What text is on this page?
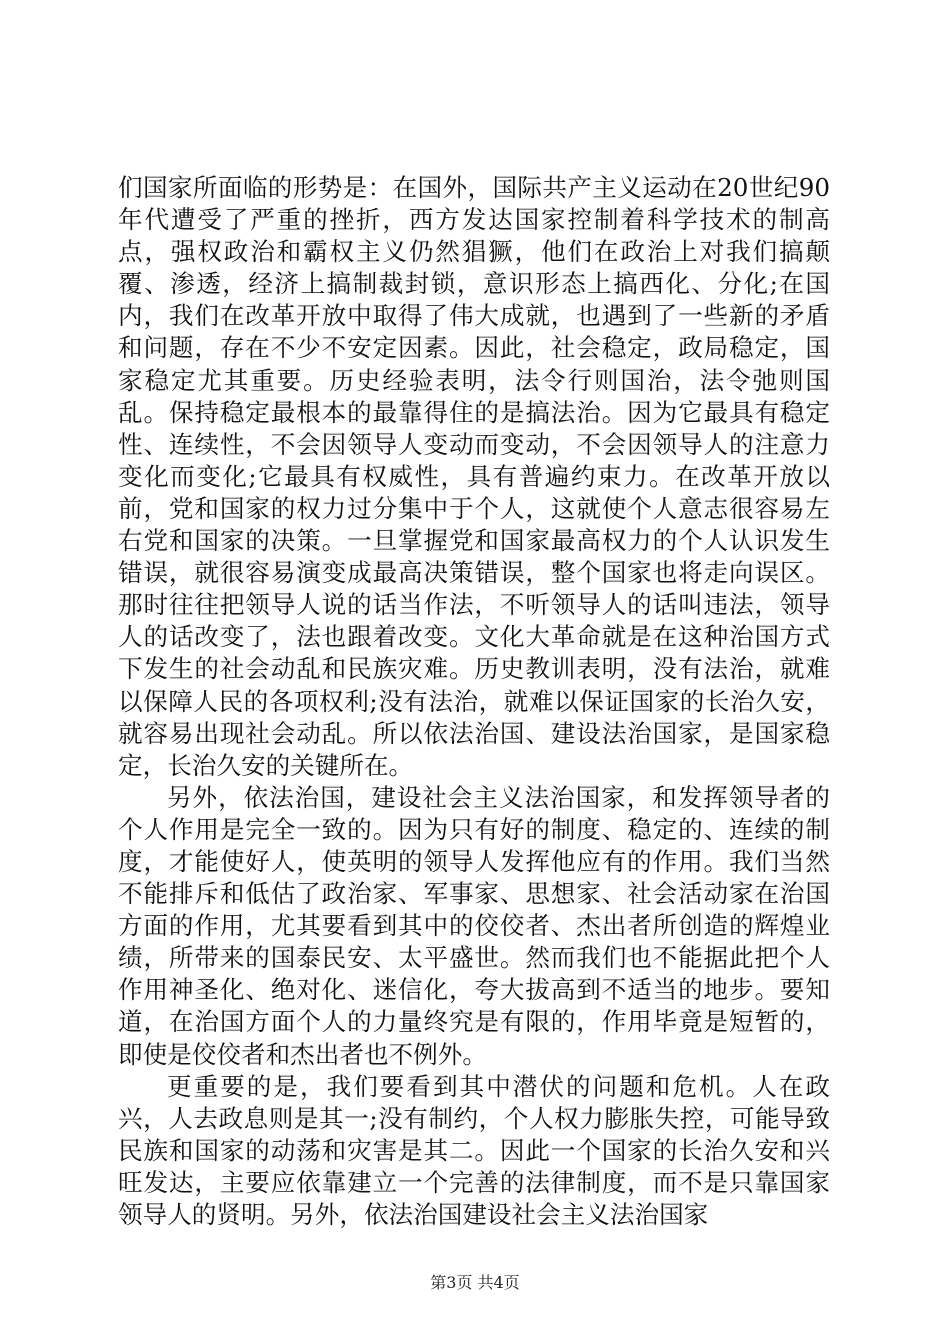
们国家所面临的形势是：在国外，国际共产主义运动在20世纪90年代遭受了严重的挫折，西方发达国家控制着科学技术的制高点，强权政治和霸权主义仍然猖獗，他们在政治上对我们搞颠覆、渗透，经济上搞制裁封锁，意识形态上搞西化、分化;在国内，我们在改革开放中取得了伟大成就，也遇到了一些新的矛盾和问题，存在不少不安定因素。因此，社会稳定，政局稳定，国家稳定尤其重要。历史经验表明，法令行则国治，法令弛则国乱。保持稳定最根本的最靠得住的是搞法治。因为它最具有稳定性、连续性，不会因领导人变动而变动，不会因领导人的注意力变化而变化;它最具有权威性，具有普遍约束力。在改革开放以前，党和国家的权力过分集中于个人，这就使个人意志很容易左右党和国家的决策。一旦掌握党和国家最高权力的个人认识发生错误，就很容易演变成最高决策错误，整个国家也将走向误区。那时往往把领导人说的话当作法，不听领导人的话叫违法，领导人的话改变了，法也跟着改变。文化大革命就是在这种治国方式下发生的社会动乱和民族灾难。历史教训表明，没有法治，就难以保障人民的各项权利;没有法治，就难以保证国家的长治久安，就容易出现社会动乱。所以依法治国、建设法治国家，是国家稳定，长治久安的关键所在。

另外，依法治国，建设社会主义法治国家，和发挥领导者的个人作用是完全一致的。因为只有好的制度、稳定的、连续的制度，才能使好人，使英明的领导人发挥他应有的作用。我们当然不能排斥和低估了政治家、军事家、思想家、社会活动家在治国方面的作用，尤其要看到其中的佼佼者、杰出者所创造的辉煌业绩，所带来的国泰民安、太平盛世。然而我们也不能据此把个人作用神圣化、绝对化、迷信化，夸大拔高到不适当的地步。要知道，在治国方面个人的力量终究是有限的，作用毕竟是短暂的，即使是佼佼者和杰出者也不例外。

更重要的是，我们要看到其中潜伏的问题和危机。人在政兴，人去政息则是其一;没有制约，个人权力膨胀失控，可能导致民族和国家的动荡和灾害是其二。因此一个国家的长治久安和兴旺发达，主要应依靠建立一个完善的法律制度，而不是只靠国家领导人的贤明。另外，依法治国建设社会主义法治国家

第3页 共4页
